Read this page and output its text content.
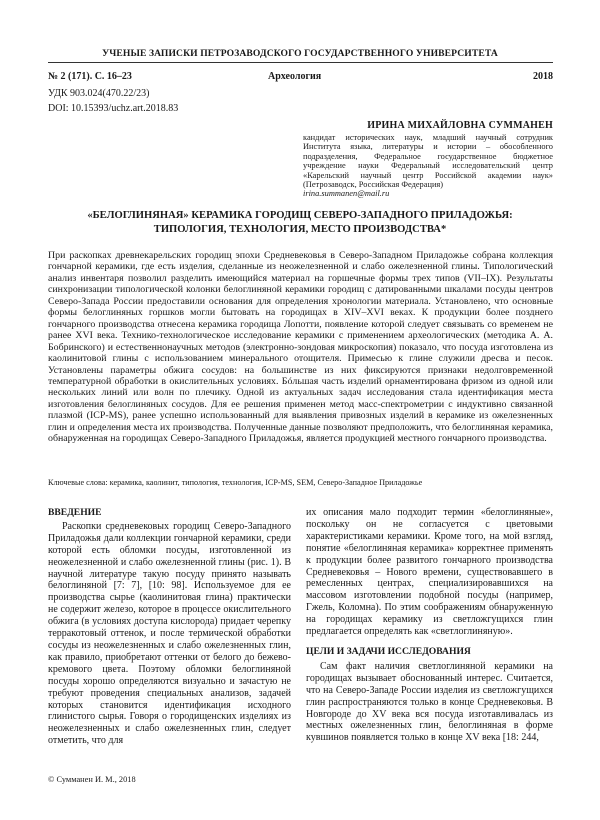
УЧЕНЫЕ ЗАПИСКИ ПЕТРОЗАВОДСКОГО ГОСУДАРСТВЕННОГО УНИВЕРСИТЕТА
№ 2 (171). С. 16–23	Археология	2018
УДК 903.024(470.22/23)
DOI: 10.15393/uchz.art.2018.83
ИРИНА МИХАЙЛОВНА СУММАНЕН
кандидат исторических наук, младший научный сотрудник Института языка, литературы и истории – обособленного подразделения, Федеральное государственное бюджетное учреждение науки Федеральный исследовательский центр «Карельский научный центр Российской академии наук» (Петрозаводск, Российская Федерация)
irina.summanen@mail.ru
«БЕЛОГЛИНЯНАЯ» КЕРАМИКА ГОРОДИЩ СЕВЕРО-ЗАПАДНОГО ПРИЛАДОЖЬЯ:
ТИПОЛОГИЯ, ТЕХНОЛОГИЯ, МЕСТО ПРОИЗВОДСТВА*

При раскопках древнекарельских городищ эпохи Средневековья в Северо-Западном Приладожье собрана коллекция гончарной керамики, где есть изделия, сделанные из неожелезненной и слабо ожелезненной глины. Типологический анализ инвентаря позволил разделить имеющийся материал на горшечные формы трех типов (VII–IX). Результаты синхронизации типологической колонки белоглиняной керамики городищ с датированными шкалами посуды центров Северо-Запада России предоставили основания для определения хронологии материала. Установлено, что основные формы белоглиняных горшков могли бытовать на городищах в XIV–XVI веках. К продукции более позднего гончарного производства отнесена керамика городища Лопотти, появление которой следует связывать со временем не ранее XVI века. Технико-технологическое исследование керамики с применением археологических (методика А. А. Бобринского) и естественнонаучных методов (электронно-зондовая микроскопия) показало, что посуда изготовлена из каолинитовой глины с использованием минерального отощителя. Примесью к глине служили дресва и песок. Установлены параметры обжига сосудов: на большинстве из них фиксируются признаки недолговременной температурной обработки в окислительных условиях. Бóльшая часть изделий орнаментирована фризом из одной или нескольких линий или волн по плечику. Одной из актуальных задач исследования стала идентификация места изготовления белоглиняных сосудов. Для ее решения применен метод масс-спектрометрии с индуктивно связанной плазмой (ICP-MS), ранее успешно использованный для выявления привозных изделий в керамике из ожелезненных глин и определения места их производства. Полученные данные позволяют предположить, что белоглиняная керамика, обнаруженная на городищах Северо-Западного Приладожья, является продукцией местного гончарного производства.

Ключевые слова: керамика, каолинит, типология, технология, ICP-MS, SEM, Северо-Западное Приладожье
ВВЕДЕНИЕ

Раскопки средневековых городищ Северо-Западного Приладожья дали коллекции гончарной керамики, среди которой есть обломки посуды, изготовленной из неожелезненной и слабо ожелезненной глины (рис. 1). В научной литературе такую посуду принято называть белоглиняной [7: 7], [10: 98]. Используемое для ее производства сырье (каолинитовая глина) практически не содержит железо, которое в процессе окислительного обжига (в условиях доступа кислорода) придает черепку терракотовый оттенок, и после термической обработки сосуды из неожелезненных и слабо ожелезненных глин, как правило, приобретают оттенки от белого до бежево-кремового цвета. Поэтому обломки белоглиняной посуды хорошо определяются визуально и зачастую не требуют проведения специальных анализов, задачей которых становится идентификация исходного глинистого сырья. Говоря о городищенских изделиях из неожелезненных и слабо ожелезненных глин, следует отметить, что для

их описания мало подходит термин «белоглиняные», поскольку он не согласуется с цветовыми характеристиками керамики. Кроме того, на мой взгляд, понятие «белоглиняная керамика» корректнее применять к продукции более развитого гончарного производства Средневековья – Нового времени, существовавшего в ремесленных центрах, специализировавшихся на массовом изготовлении подобной посуды (например, Гжель, Коломна). По этим соображениям обнаруженную на городищах керамику из светложгущихся глин предлагается определять как «светлоглиняную».

ЦЕЛИ И ЗАДАЧИ ИССЛЕДОВАНИЯ

Сам факт наличия светлоглиняной керамики на городищах вызывает обоснованный интерес. Считается, что на Северо-Западе России изделия из светложгущихся глин распространяются только в конце Средневековья. В Новгороде до XV века вся посуда изготавливалась из местных ожелезненных глин, белоглиняная в форме кувшинов появляется только в конце XV века [18: 244,

© Сумманен И. М., 2018
